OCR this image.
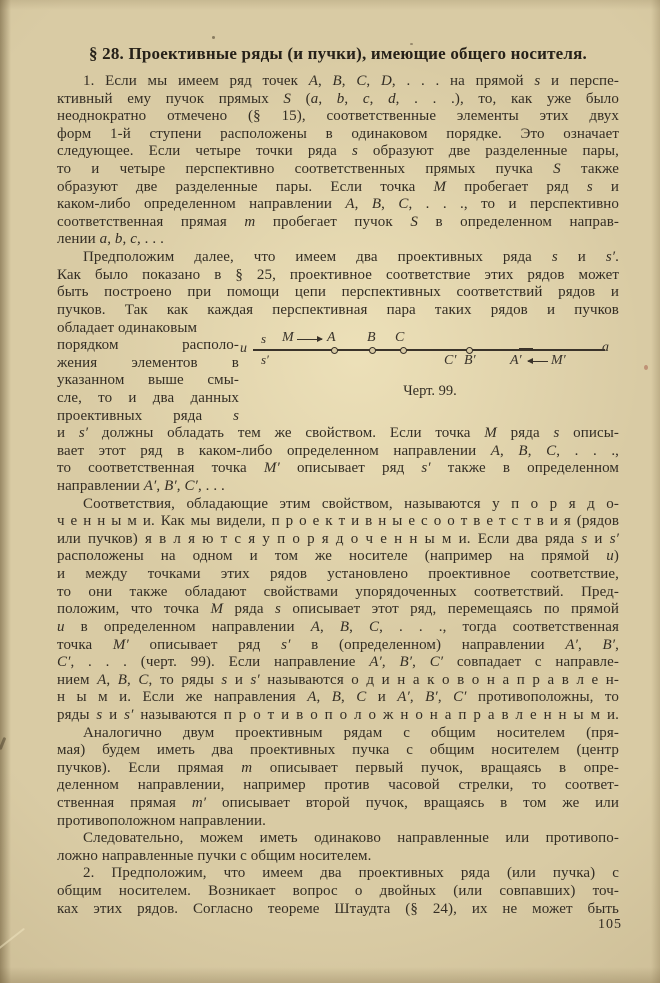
§ 28. Проективные ряды (и пучки), имеющие общего носителя.
1. Если мы имеем ряд точек A, B, C, D, . . . на прямой s и перспе-
ктивный ему пучок прямых S (a, b, c, d, . . .), то, как уже было
неоднократно отмечено (§ 15), соответственные элементы этих двух
форм 1-й ступени расположены в одинаковом порядке. Это означает
следующее. Если четыре точки ряда s образуют две разделенные пары,
то и четыре перспективно соответственных прямых пучка S также
образуют две разделенные пары. Если точка M пробегает ряд s и
каком-либо определенном направлении A, B, C, . . ., то и перспективно
соответственная прямая m пробегает пучок S в определенном направ-
лении a, b, c, . . .
Предположим далее, что имеем два проективных ряда s и s′.
Как было показано в § 25, проективное соответствие этих рядов может
быть построено при помощи цепи перспективных соответствий рядов и
пучков. Так как каждая перспективная пара таких рядов и пучков
обладает одинаковым
порядком располо-
жения элементов в
указанном выше смы-
сле, то и два данных
проективных ряда s
и s′ должны обладать тем же свойством. Если точка M ряда s описы-
вает этот ряд в каком-либо определенном направлении A, B, C, . . .,
то соответственная точка M′ описывает ряд s′ также в определенном
направлении A′, B′, C′, . . .
Соответствия, обладающие этим свойством, называются у п о р я д о-
ч е н н ы м и. Как мы видели, п р о е к т и в н ы е с о о т в е т с т в и я (рядов
или пучков) я в л я ю т с я у п о р я д о ч е н н ы м и. Если два ряда s и s′
расположены на одном и том же носителе (например на прямой u)
и между точками этих рядов установлено проективное соответствие,
то они также обладают свойствами упорядоченных соответствий. Пред-
положим, что точка M ряда s описывает этот ряд, перемещаясь по прямой
u в определенном направлении A, B, C, . . ., тогда соответственная
точка M′ описывает ряд s′ в (определенном) направлении A′, B′,
C′, . . . (черт. 99). Если направление A′, B′, C′ совпадает с направле-
нием A, B, C, то ряды s и s′ называются о д и н а к о в о н а п р а в л е н-
н ы м и. Если же направления A, B, C и A′, B′, C′ противоположны, то
ряды s и s′ называются п р о т и в о п о л о ж н о н а п р а в л е н н ы м и.
Аналогично двум проективным рядам с общим носителем (пря-
мая) будем иметь два проективных пучка с общим носителем (центр
пучков). Если прямая m описывает первый пучок, вращаясь в опре-
деленном направлении, например против часовой стрелки, то соответ-
ственная прямая m′ описывает второй пучок, вращаясь в том же или
противоположном направлении.
Следовательно, можем иметь одинаково направленные или противопо-
ложно направленные пучки с общим носителем.
2. Предположим, что имеем два проективных ряда (или пучка) с
общим носителем. Возникает вопрос о двойных (или совпавших) точ-
ках этих рядов. Согласно теореме Штаудта (§ 24), их не может быть
u
s
s′
M A B C
C′ B′ A′ M′
a
Черт. 99.
105
